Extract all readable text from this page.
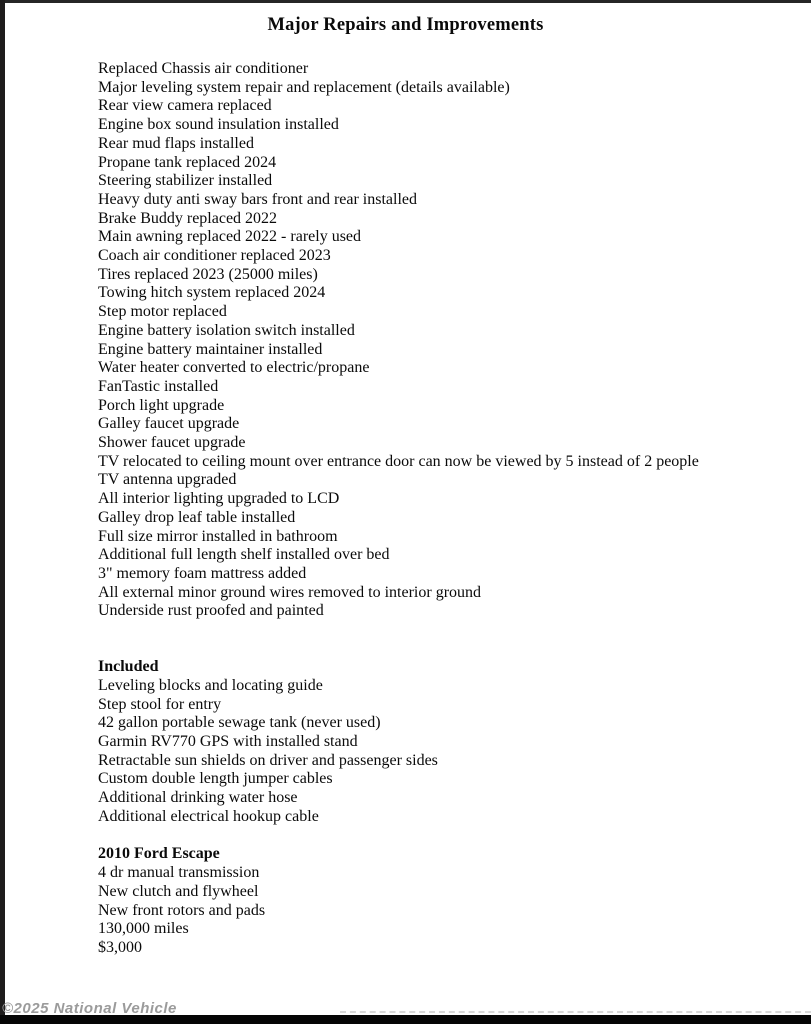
Major Repairs and Improvements

Replaced Chassis air conditioner

Major leveling system repair and replacement (details available)

Rear view camera replaced

Engine box sound insulation installed

Rear mud flaps installed

Propane tank replaced 2024

Steering stabilizer installed

Heavy duty anti sway bars front and rear installed

Brake Buddy replaced 2022

Main awning replaced 2022 - rarely used

Coach air conditioner replaced 2023

Tires replaced 2023 (25000 miles)

Towing hitch system replaced 2024

Step motor replaced

Engine battery isolation switch installed

Engine battery maintainer installed

Water heater converted to electric/propane

FanTastic installed

Porch light upgrade

Galley faucet upgrade

Shower faucet upgrade

TV relocated to ceiling mount over entrance door can now be viewed by 5 instead of 2 people

TV antenna upgraded

All interior lighting upgraded to LCD

Galley drop leaf table installed

Full size mirror installed in bathroom

Additional full length shelf installed over bed

3" memory foam mattress added

All external minor ground wires removed to interior ground

Underside rust proofed and painted

Included

Leveling blocks and locating guide

Step stool for entry

42 gallon portable sewage tank (never used)

Garmin RV770 GPS with installed stand

Retractable sun shields on driver and passenger sides

Custom double length jumper cables

Additional drinking water hose

Additional electrical hookup cable

2010 Ford Escape

4 dr manual transmission

New clutch and flywheel

New front rotors and pads

130,000 miles

$3,000

©2025 National Vehicle
